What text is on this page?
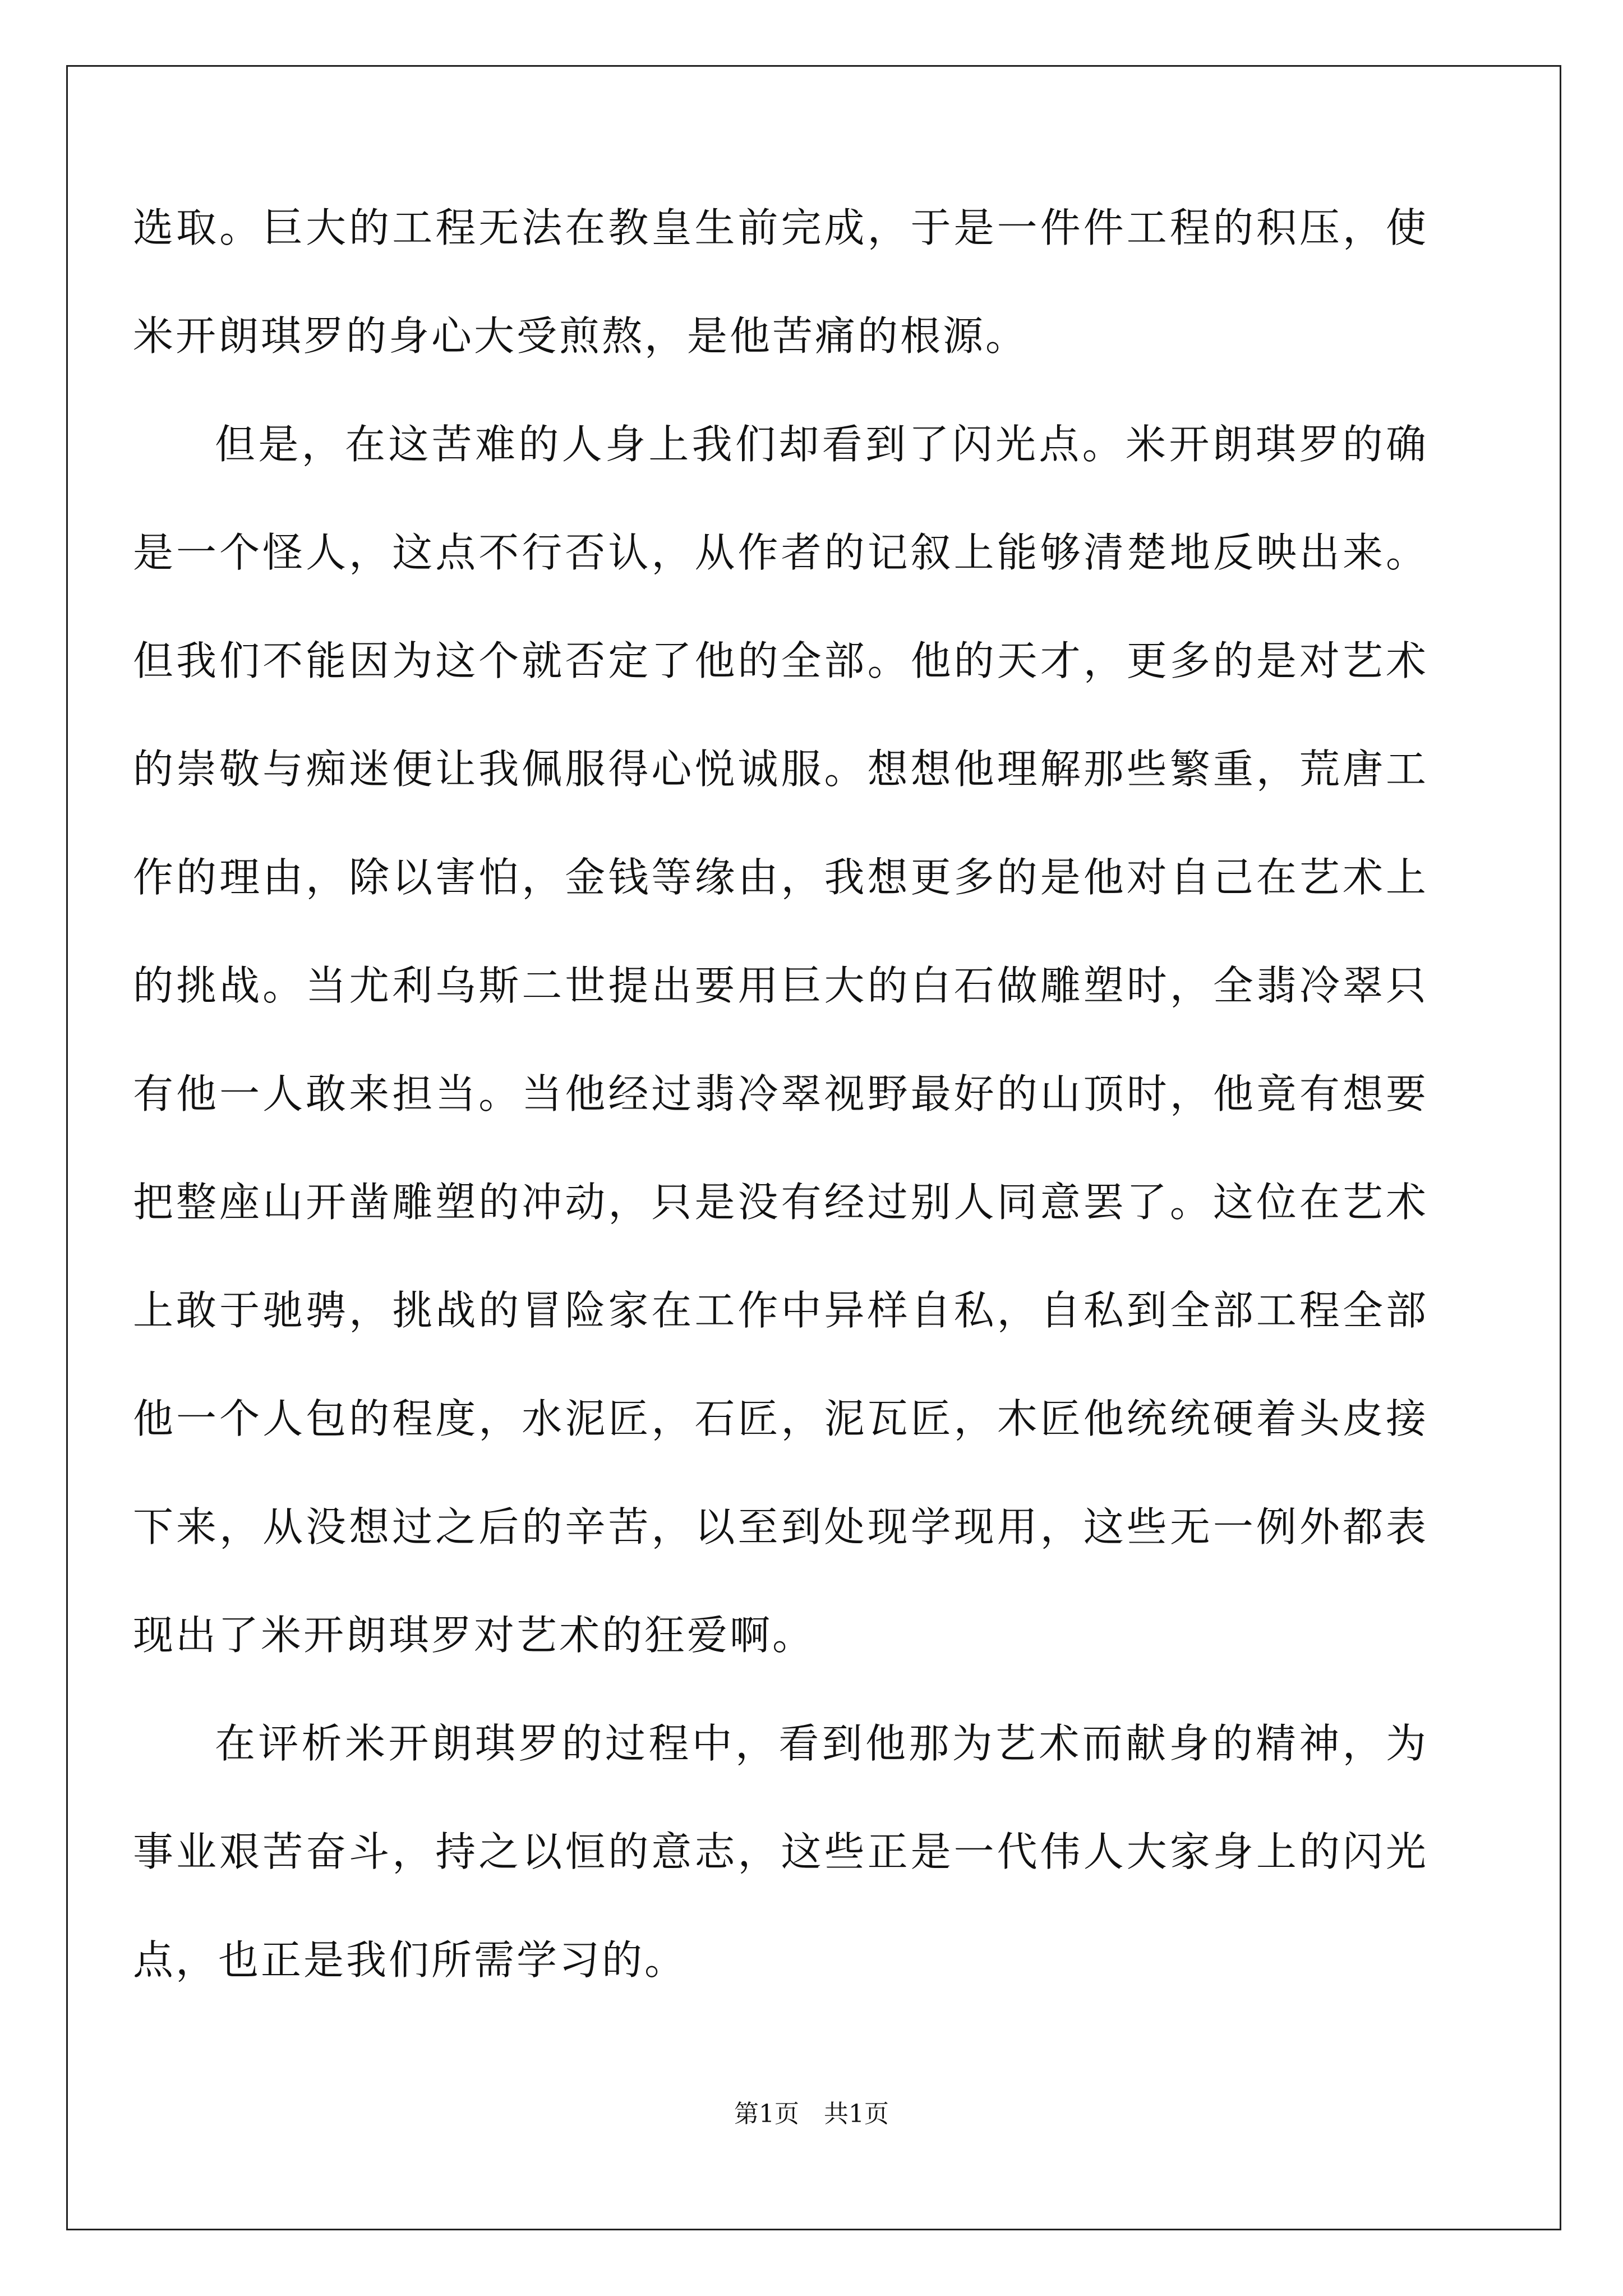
选取。巨大的工程无法在教皇生前完成，于是一件件工程的积压，使
米开朗琪罗的身心大受煎熬，是他苦痛的根源。
但是，在这苦难的人身上我们却看到了闪光点。米开朗琪罗的确
是一个怪人，这点不行否认，从作者的记叙上能够清楚地反映出来。
但我们不能因为这个就否定了他的全部。他的天才，更多的是对艺术
的崇敬与痴迷便让我佩服得心悦诚服。想想他理解那些繁重，荒唐工
作的理由，除以害怕，金钱等缘由，我想更多的是他对自己在艺术上
的挑战。当尤利乌斯二世提出要用巨大的白石做雕塑时，全翡冷翠只
有他一人敢来担当。当他经过翡冷翠视野最好的山顶时，他竟有想要
把整座山开凿雕塑的冲动，只是没有经过别人同意罢了。这位在艺术
上敢于驰骋，挑战的冒险家在工作中异样自私，自私到全部工程全部
他一个人包的程度，水泥匠，石匠，泥瓦匠，木匠他统统硬着头皮接
下来，从没想过之后的辛苦，以至到处现学现用，这些无一例外都表
现出了米开朗琪罗对艺术的狂爱啊。
在评析米开朗琪罗的过程中，看到他那为艺术而献身的精神，为
事业艰苦奋斗，持之以恒的意志，这些正是一代伟人大家身上的闪光
点，也正是我们所需学习的。
第1页　共1页
